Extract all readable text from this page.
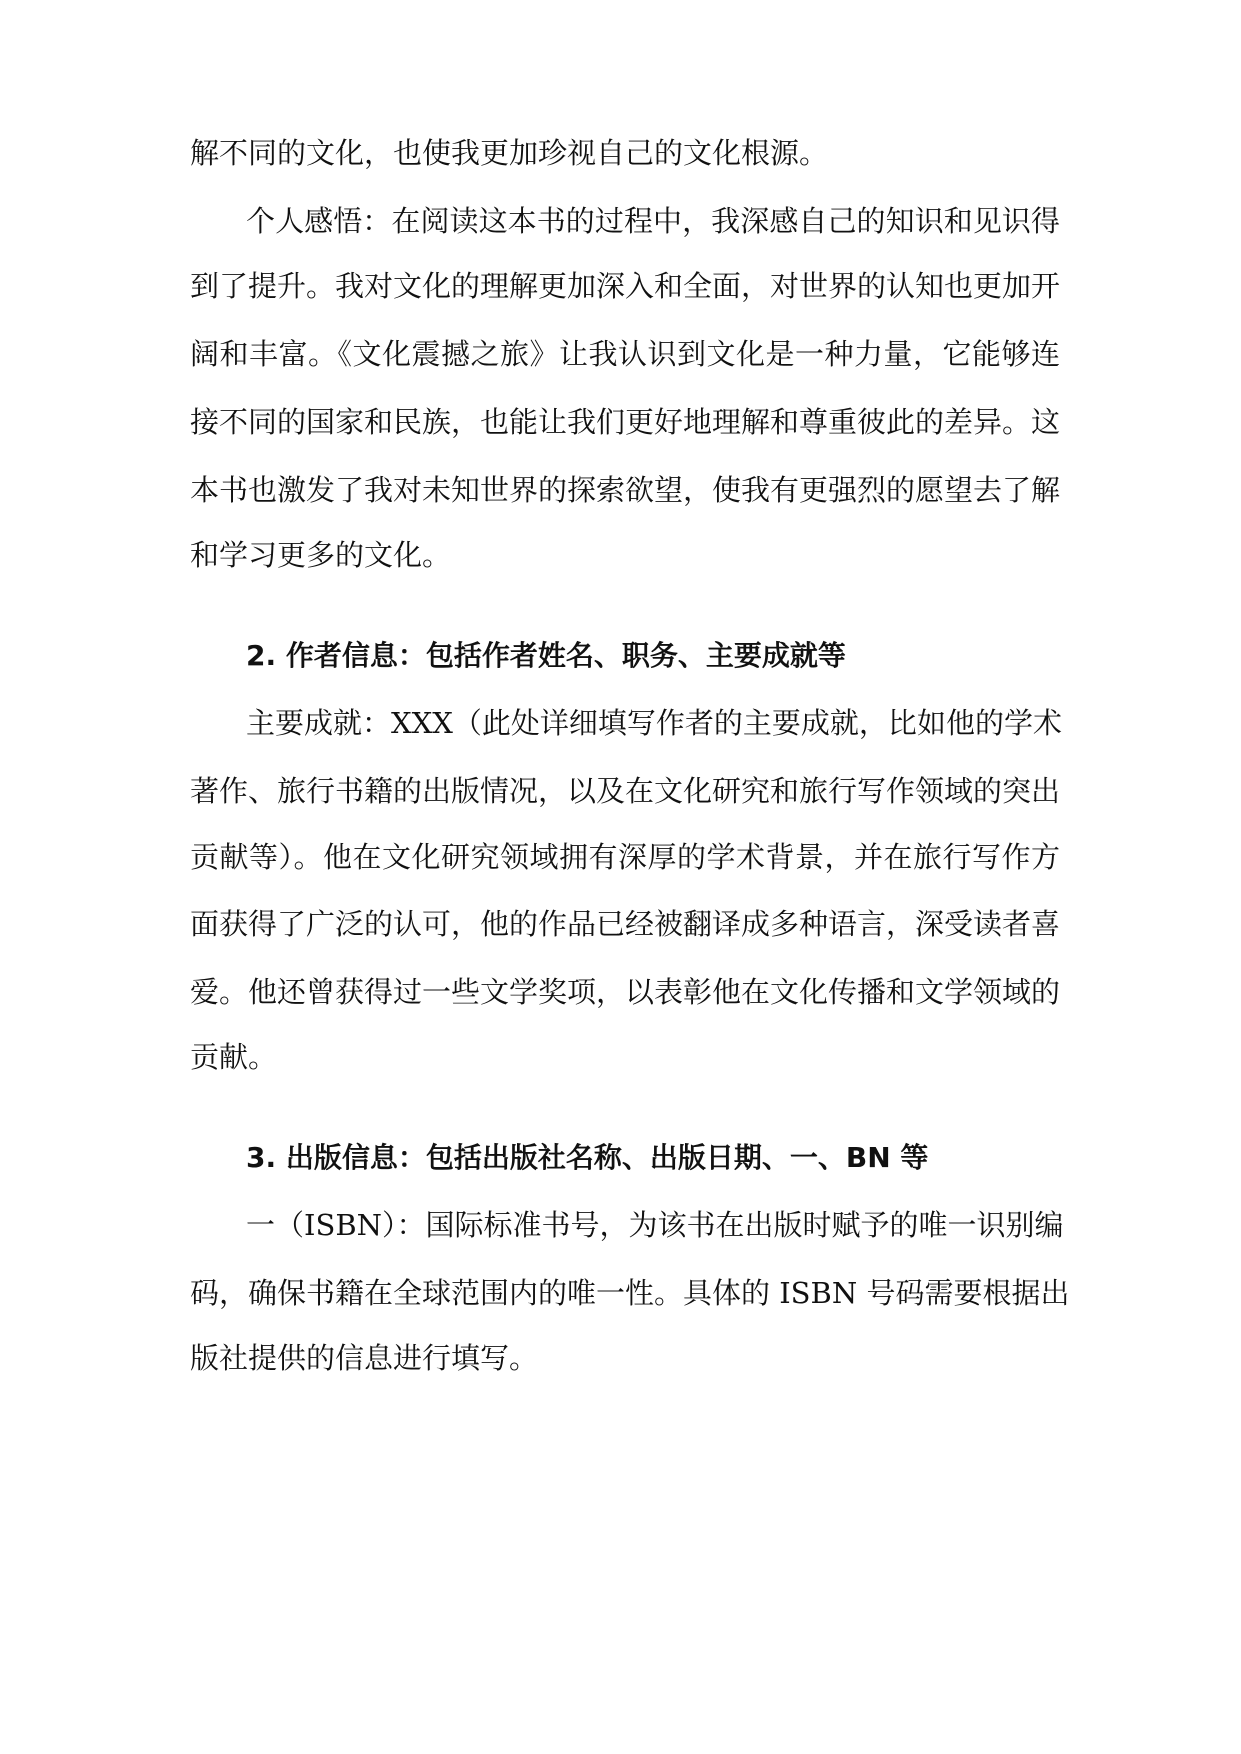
解不同的文化，也使我更加珍视自己的文化根源。

个人感悟：在阅读这本书的过程中，我深感自己的知识和见识得

到了提升。我对文化的理解更加深入和全面，对世界的认知也更加开

阔和丰富。《文化震撼之旅》让我认识到文化是一种力量，它能够连

接不同的国家和民族，也能让我们更好地理解和尊重彼此的差异。这

本书也激发了我对未知世界的探索欲望，使我有更强烈的愿望去了解

和学习更多的文化。

2. 作者信息：包括作者姓名、职务、主要成就等

主要成就：XXX（此处详细填写作者的主要成就，比如他的学术

著作、旅行书籍的出版情况，以及在文化研究和旅行写作领域的突出

贡献等）。他在文化研究领域拥有深厚的学术背景，并在旅行写作方

面获得了广泛的认可，他的作品已经被翻译成多种语言，深受读者喜

爱。他还曾获得过一些文学奖项，以表彰他在文化传播和文学领域的

贡献。

3. 出版信息：包括出版社名称、出版日期、一、BN 等

一（ISBN）：国际标准书号，为该书在出版时赋予的唯一识别编

码，确保书籍在全球范围内的唯一性。具体的 ISBN 号码需要根据出

版社提供的信息进行填写。
